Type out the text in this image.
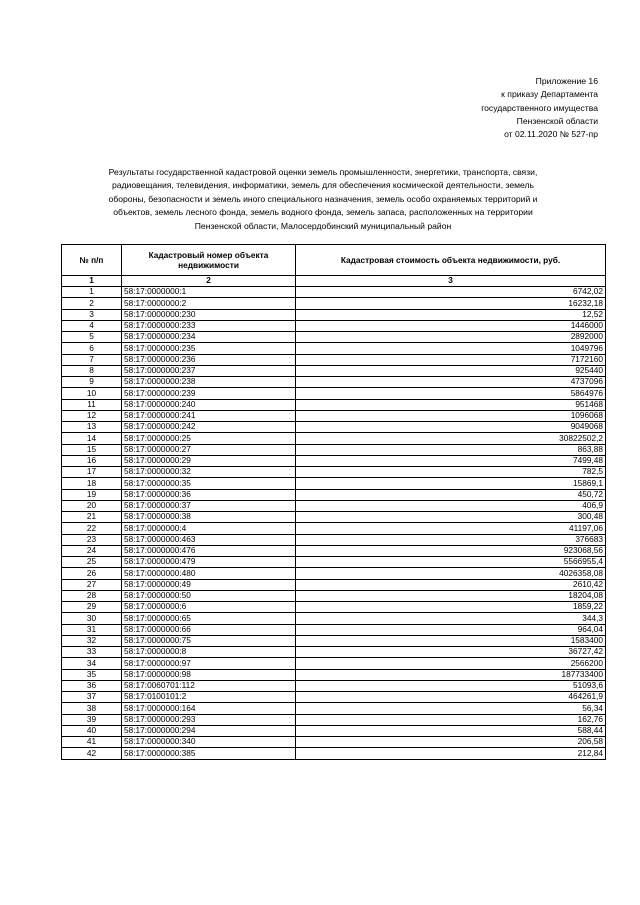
Приложение 16
к приказу Департамента
государственного имущества
Пензенской области
от 02.11.2020 № 527-пр
Результаты государственной кадастровой оценки земель промышленности, энергетики, транспорта, связи,
радиовещания, телевидения, информатики, земель для обеспечения космической деятельности, земель
обороны, безопасности и земель иного специального назначения, земель особо охраняемых территорий и
объектов, земель лесного фонда, земель водного фонда, земель запаса, расположенных на территории
Пензенской области, Малосердобинский муниципальный район
№ п/п	Кадастровый номер объекта недвижимости	Кадастровая стоимость объекта недвижимости, руб.
1	2	3
1	58:17:0000000:1	6742,02
2	58:17:0000000:2	16232,18
3	58:17:0000000:230	12,52
4	58:17:0000000:233	1446000
5	58:17:0000000:234	2892000
6	58:17:0000000:235	1049796
7	58:17:0000000:236	7172160
8	58:17:0000000:237	925440
9	58:17:0000000:238	4737096
10	58:17:0000000:239	5864976
11	58:17:0000000:240	951468
12	58:17:0000000:241	1096068
13	58:17:0000000:242	9049068
14	58:17:0000000:25	30822502,2
15	58:17:0000000:27	863,88
16	58:17:0000000:29	7499,48
17	58:17:0000000:32	782,5
18	58:17:0000000:35	15869,1
19	58:17:0000000:36	450,72
20	58:17:0000000:37	406,9
21	58:17:0000000:38	300,48
22	58:17:0000000:4	41197,06
23	58:17:0000000:463	376683
24	58:17:0000000:476	923068,56
25	58:17:0000000:479	5566955,4
26	58:17:0000000:480	4026358,08
27	58:17:0000000:49	2610,42
28	58:17:0000000:50	18204,08
29	58:17:0000000:6	1859,22
30	58:17:0000000:65	344,3
31	58:17:0000000:66	964,04
32	58:17:0000000:75	1583400
33	58:17:0000000:8	36727,42
34	58:17:0000000:97	2566200
35	58:17:0000000:98	187733400
36	58:17:0060701:112	51093,6
37	58:17:0100101:2	464261,9
38	58:17:0000000:164	56,34
39	58:17:0000000:293	162,76
40	58:17:0000000:294	588,44
41	58:17:0000000:340	206,58
42	58:17:0000000:385	212,84
